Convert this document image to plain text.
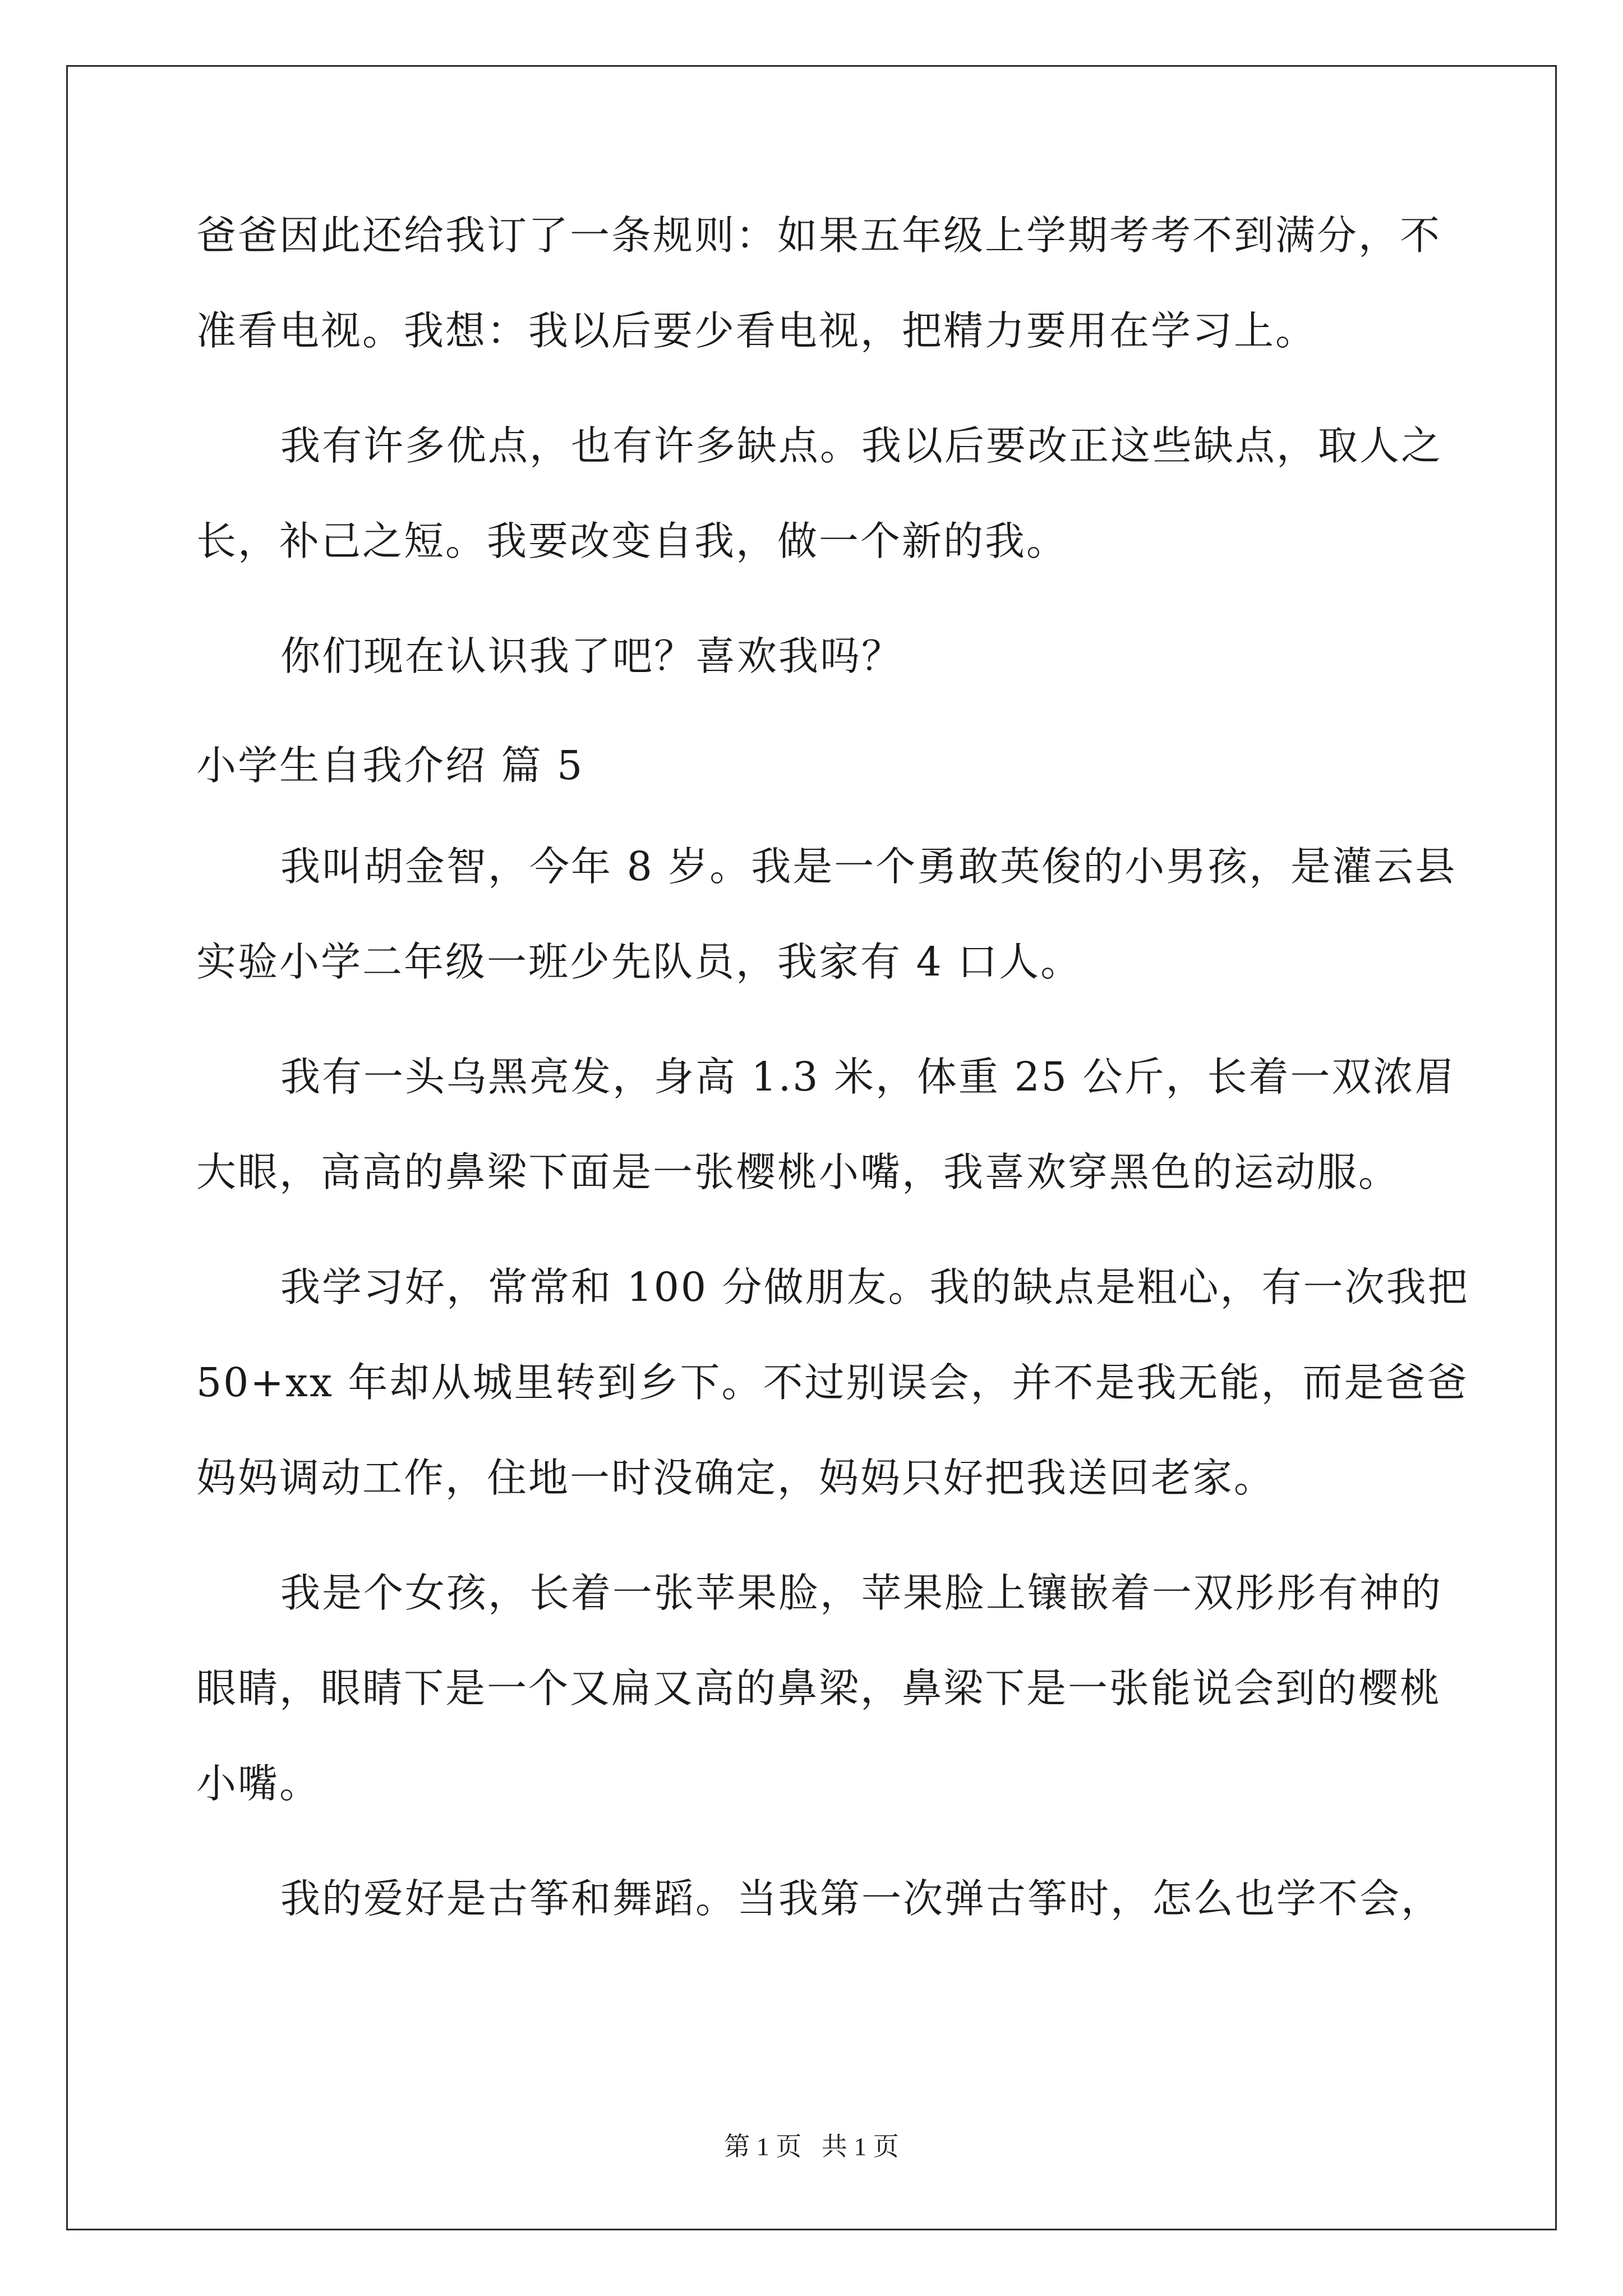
爸爸因此还给我订了一条规则：如果五年级上学期考考不到满分，不
准看电视。我想：我以后要少看电视，把精力要用在学习上。
我有许多优点，也有许多缺点。我以后要改正这些缺点，取人之
长，补己之短。我要改变自我，做一个新的我。
你们现在认识我了吧？喜欢我吗？
小学生自我介绍 篇 5
我叫胡金智，今年 8 岁。我是一个勇敢英俊的小男孩，是灌云县
实验小学二年级一班少先队员，我家有 4 口人。
我有一头乌黑亮发，身高 1.3 米，体重 25 公斤，长着一双浓眉
大眼，高高的鼻梁下面是一张樱桃小嘴，我喜欢穿黑色的运动服。
我学习好，常常和 100 分做朋友。我的缺点是粗心，有一次我把
50+xx 年却从城里转到乡下。不过别误会，并不是我无能，而是爸爸
妈妈调动工作，住地一时没确定，妈妈只好把我送回老家。
我是个女孩，长着一张苹果脸，苹果脸上镶嵌着一双彤彤有神的
眼睛，眼睛下是一个又扁又高的鼻梁，鼻梁下是一张能说会到的樱桃
小嘴。
我的爱好是古筝和舞蹈。当我第一次弹古筝时，怎么也学不会，
第 1 页 共 1 页
